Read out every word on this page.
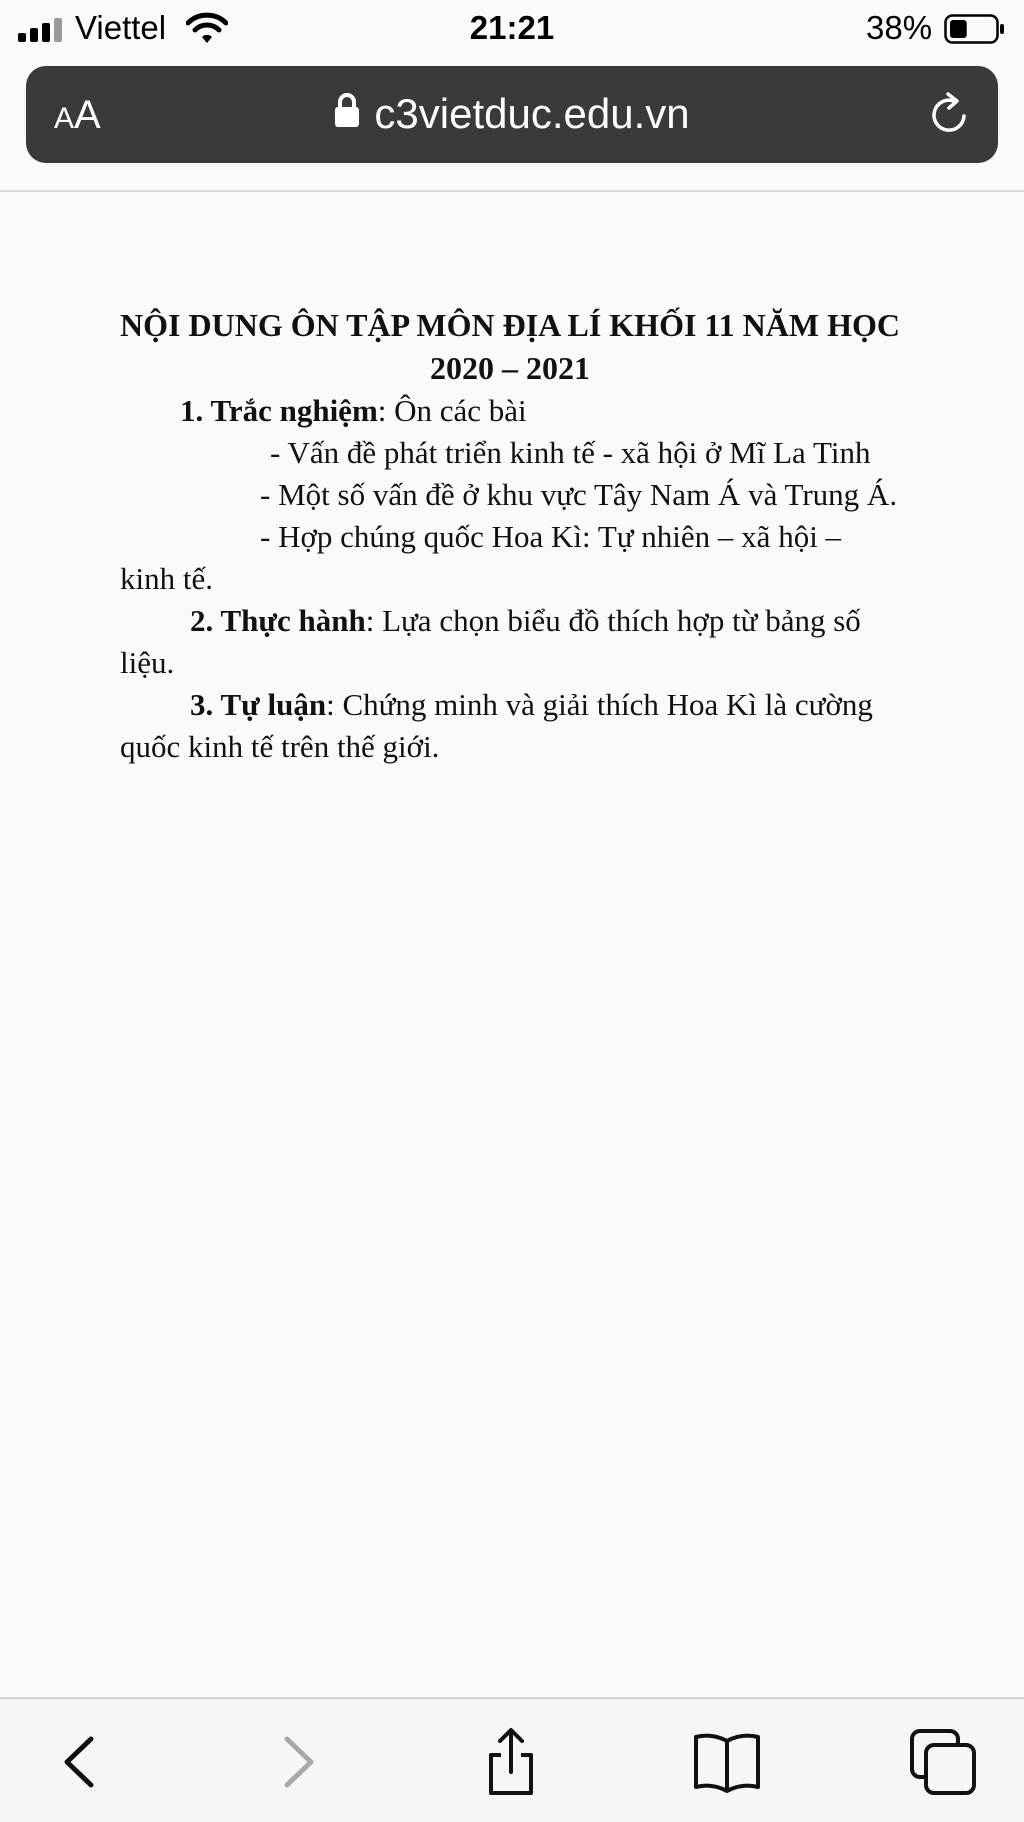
Viettel	21:21	38%
AA	c3vietduc.edu.vn

NỘI DUNG ÔN TẬP MÔN ĐỊA LÍ KHỐI 11 NĂM HỌC 2020 – 2021

1. Trắc nghiệm: Ôn các bài

- Vấn đề phát triển kinh tế - xã hội ở Mĩ La Tinh

- Một số vấn đề ở khu vực Tây Nam Á và Trung Á.

- Hợp chúng quốc Hoa Kì: Tự nhiên – xã hội – kinh tế.

2. Thực hành: Lựa chọn biểu đồ thích hợp từ bảng số liệu.

3. Tự luận: Chứng minh và giải thích Hoa Kì là cường quốc kinh tế trên thế giới.
